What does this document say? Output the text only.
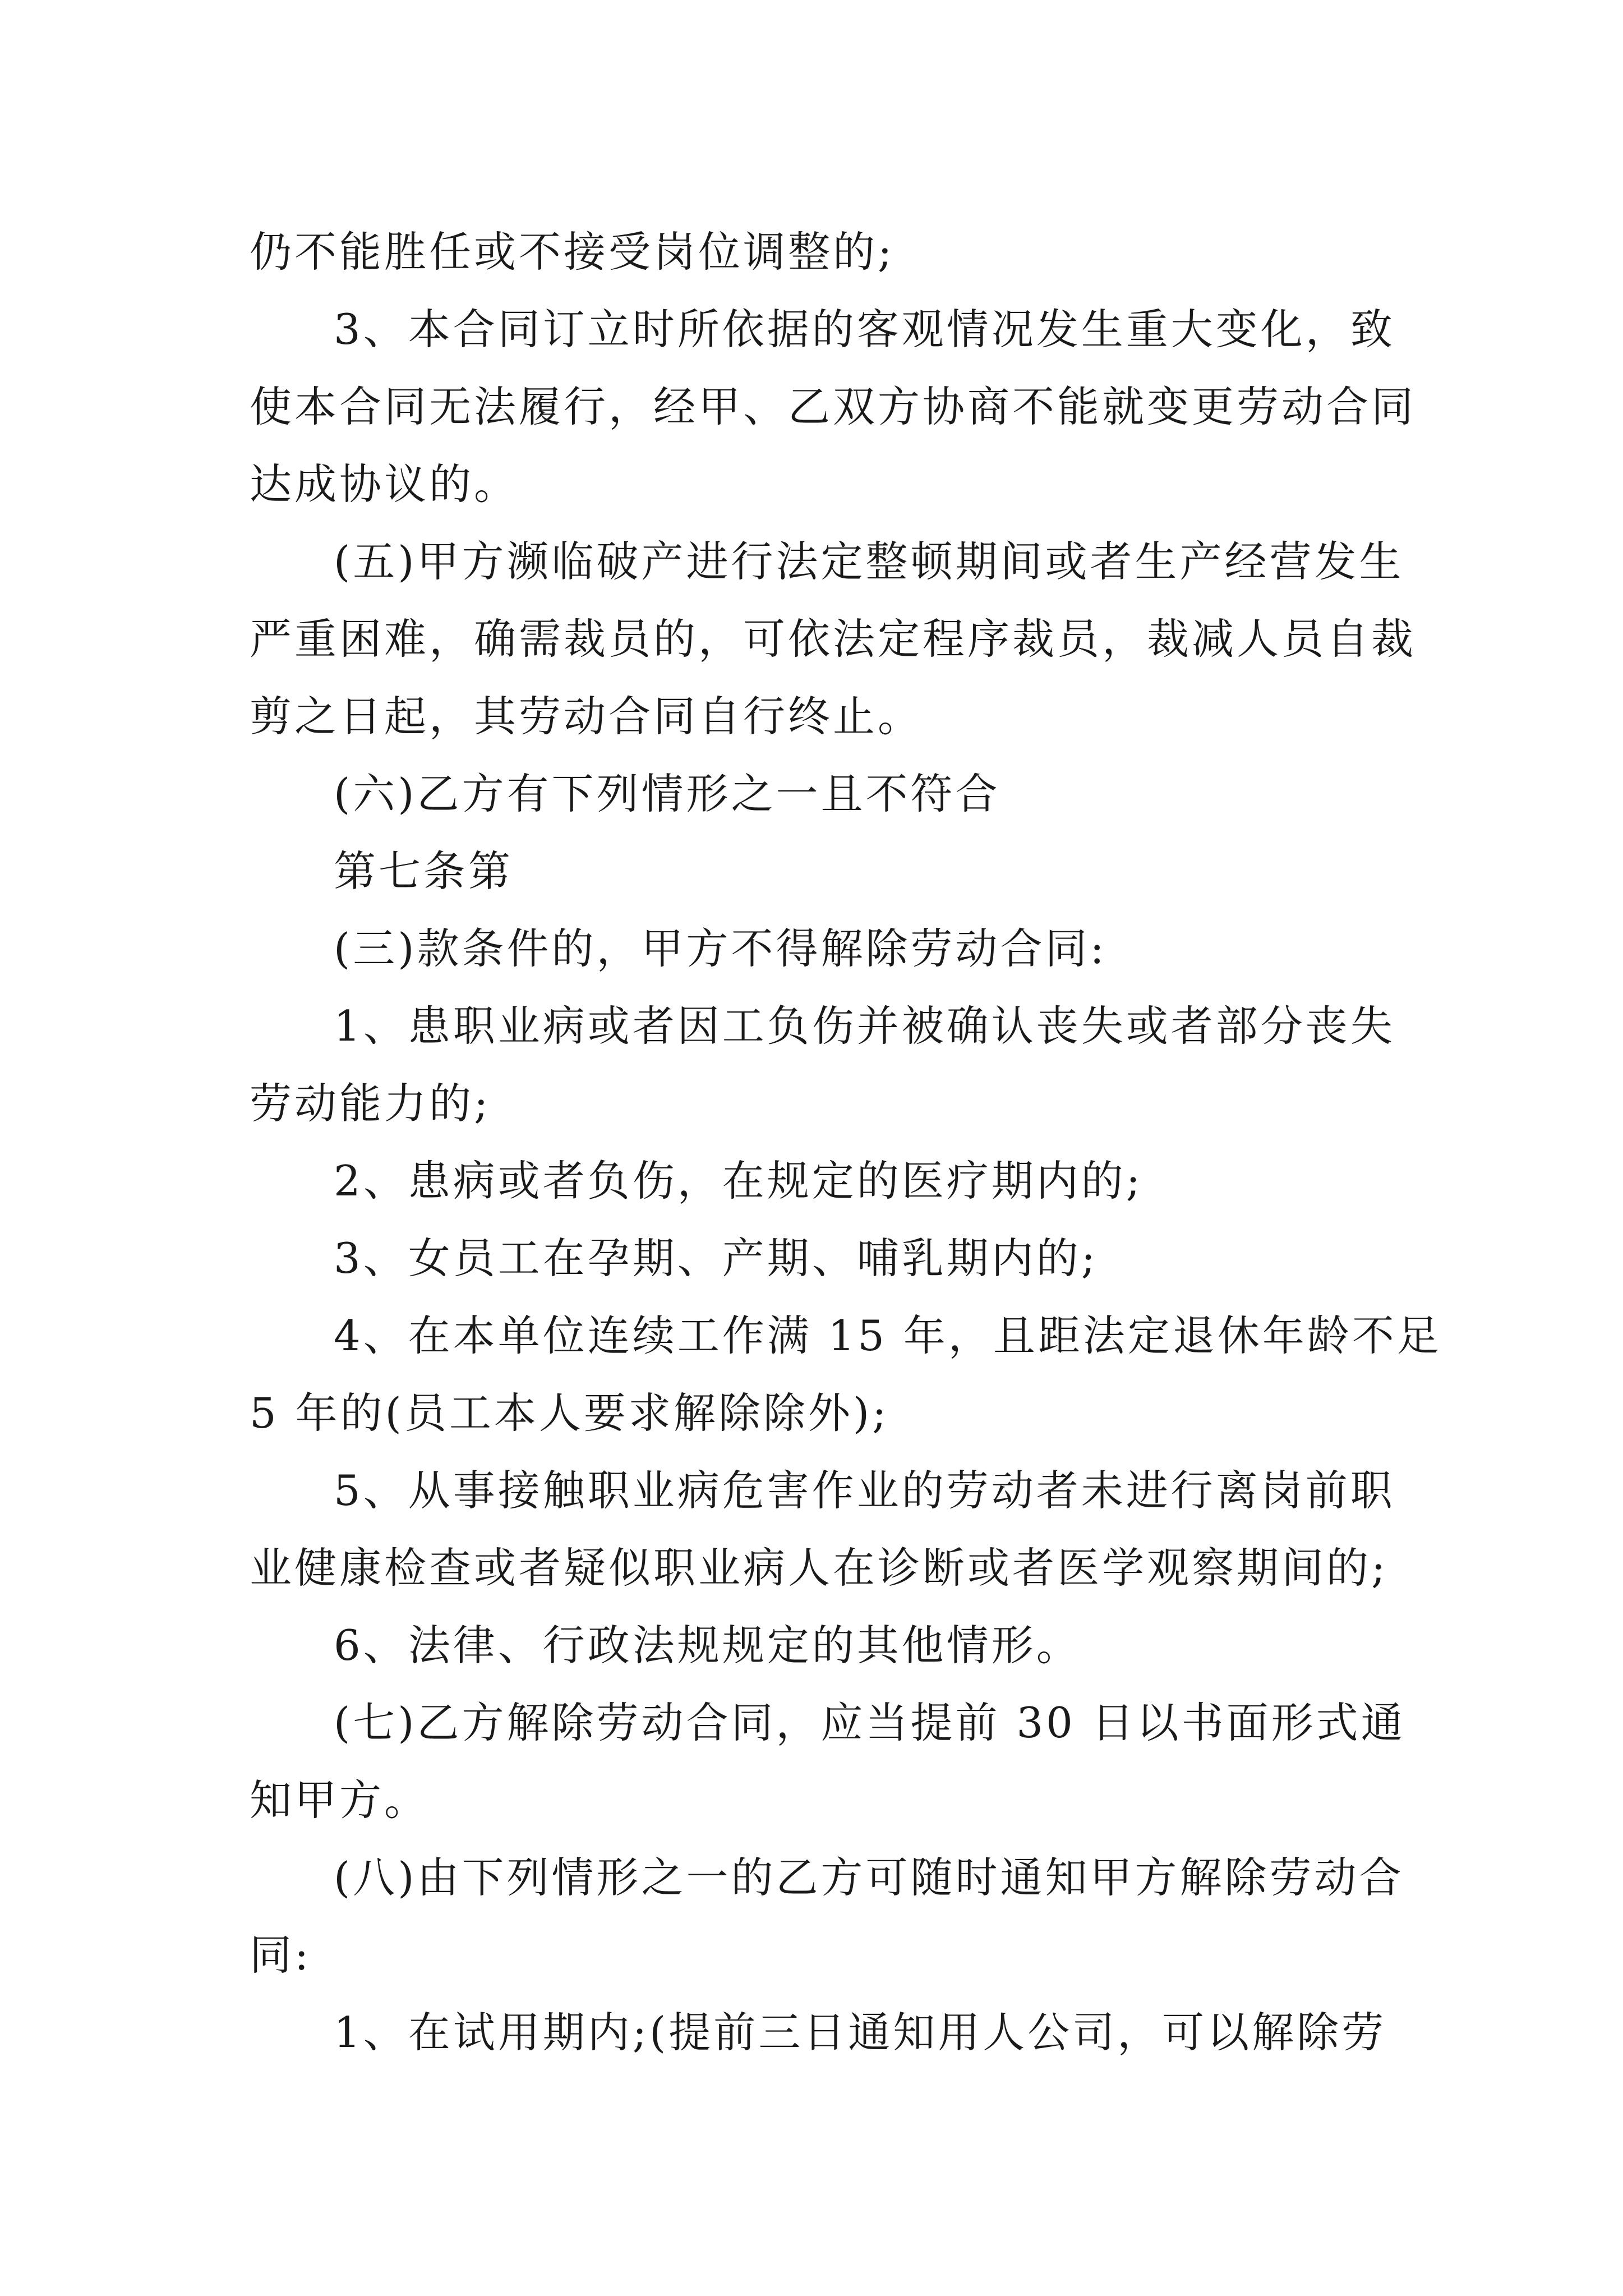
仍不能胜任或不接受岗位调整的;
3、本合同订立时所依据的客观情况发生重大变化，致
使本合同无法履行，经甲、乙双方协商不能就变更劳动合同
达成协议的。
(五)甲方濒临破产进行法定整顿期间或者生产经营发生
严重困难，确需裁员的，可依法定程序裁员，裁减人员自裁
剪之日起，其劳动合同自行终止。
(六)乙方有下列情形之一且不符合
第七条第
(三)款条件的，甲方不得解除劳动合同:
1、患职业病或者因工负伤并被确认丧失或者部分丧失
劳动能力的;
2、患病或者负伤，在规定的医疗期内的;
3、女员工在孕期、产期、哺乳期内的;
4、在本单位连续工作满 15 年，且距法定退休年龄不足
5 年的(员工本人要求解除除外);
5、从事接触职业病危害作业的劳动者未进行离岗前职
业健康检查或者疑似职业病人在诊断或者医学观察期间的;
6、法律、行政法规规定的其他情形。
(七)乙方解除劳动合同，应当提前 30 日以书面形式通
知甲方。
(八)由下列情形之一的乙方可随时通知甲方解除劳动合
同:
1、在试用期内;(提前三日通知用人公司，可以解除劳
